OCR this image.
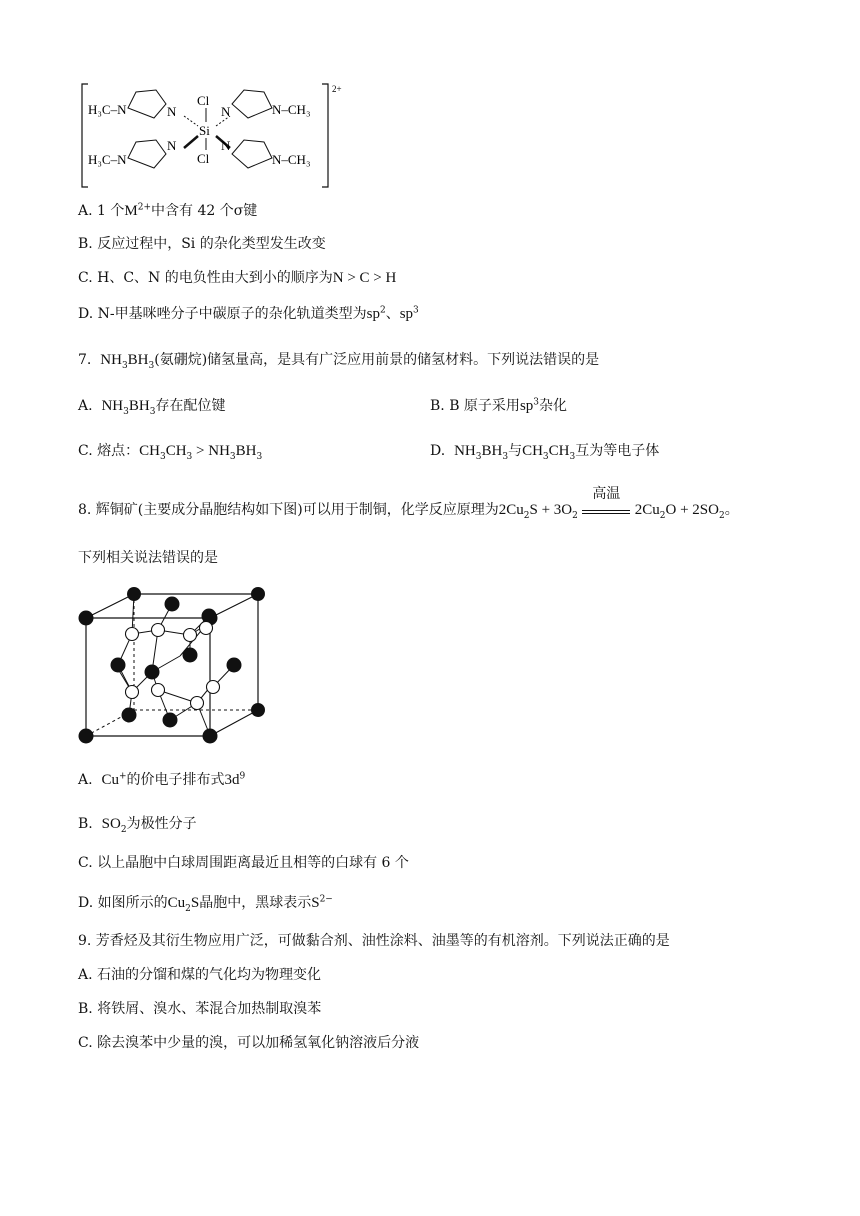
H₃C–N
H₃C–N
N
N
N
N
Cl
Si
Cl
N–CH₃
N–CH₃
2+
A. 1 个$M^{2+}$中含有 42 个σ键
B. 反应过程中，Si 的杂化类型发生改变
C. H、C、N 的电负性由大到小的顺序为N > C > H
D. N-甲基咪唑分子中碳原子的杂化轨道类型为$sp^2$、$sp^3$
7. $NH_3BH_3$(氨硼烷)储氢量高，是具有广泛应用前景的储氢材料。下列说法错误的是
A. $NH_3BH_3$存在配位键	B. B 原子采用$sp^3$杂化
C. 熔点：$CH_3CH_3 > NH_3BH_3$	D. $NH_3BH_3$与$CH_3CH_3$互为等电子体
8. 辉铜矿(主要成分晶胞结构如下图)可以用于制铜，化学反应原理为$2Cu_2S + 3O_2$
高温
$2Cu_2O + 2SO_2$。
下列相关说法错误的是
A. Cu+的价电子排布式$3d^9$
B. $SO_2$为极性分子
C. 以上晶胞中白球周围距离最近且相等的白球有 6 个
D. 如图所示的$Cu_2S$晶胞中，黑球表示$S^{2-}$
9. 芳香烃及其衍生物应用广泛，可做黏合剂、油性涂料、油墨等的有机溶剂。下列说法正确的是
A. 石油的分馏和煤的气化均为物理变化
B. 将铁屑、溴水、苯混合加热制取溴苯
C. 除去溴苯中少量的溴，可以加稀氢氧化钠溶液后分液
